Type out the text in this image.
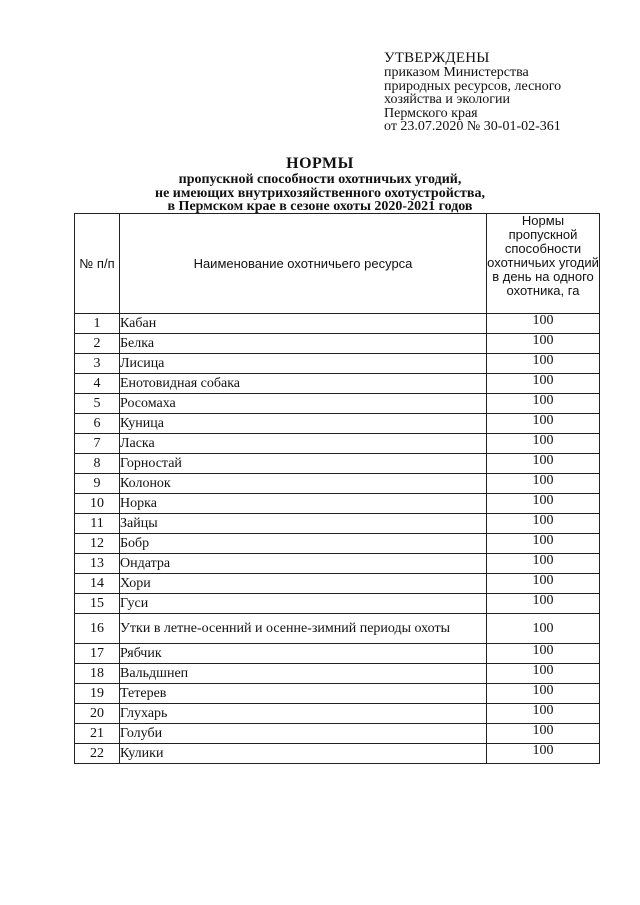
УТВЕРЖДЕНЫ
приказом Министерства
природных ресурсов, лесного
хозяйства и экологии
Пермского края
от 23.07.2020 № 30-01-02-361
НОРМЫ
пропускной способности охотничьих угодий,
не имеющих внутрихозяйственного охотустройства,
в Пермском крае в сезоне охоты 2020-2021 годов
№ п/п	Наименование охотничьего ресурса	Нормы пропускной способности охотничьих угодий в день на одного охотника, га
1	Кабан	100
2	Белка	100
3	Лисица	100
4	Енотовидная собака	100
5	Росомаха	100
6	Куница	100
7	Ласка	100
8	Горностай	100
9	Колонок	100
10	Норка	100
11	Зайцы	100
12	Бобр	100
13	Ондатра	100
14	Хори	100
15	Гуси	100
16	Утки в летне-осенний и осенне-зимний периоды охоты	100
17	Рябчик	100
18	Вальдшнеп	100
19	Тетерев	100
20	Глухарь	100
21	Голуби	100
22	Кулики	100
